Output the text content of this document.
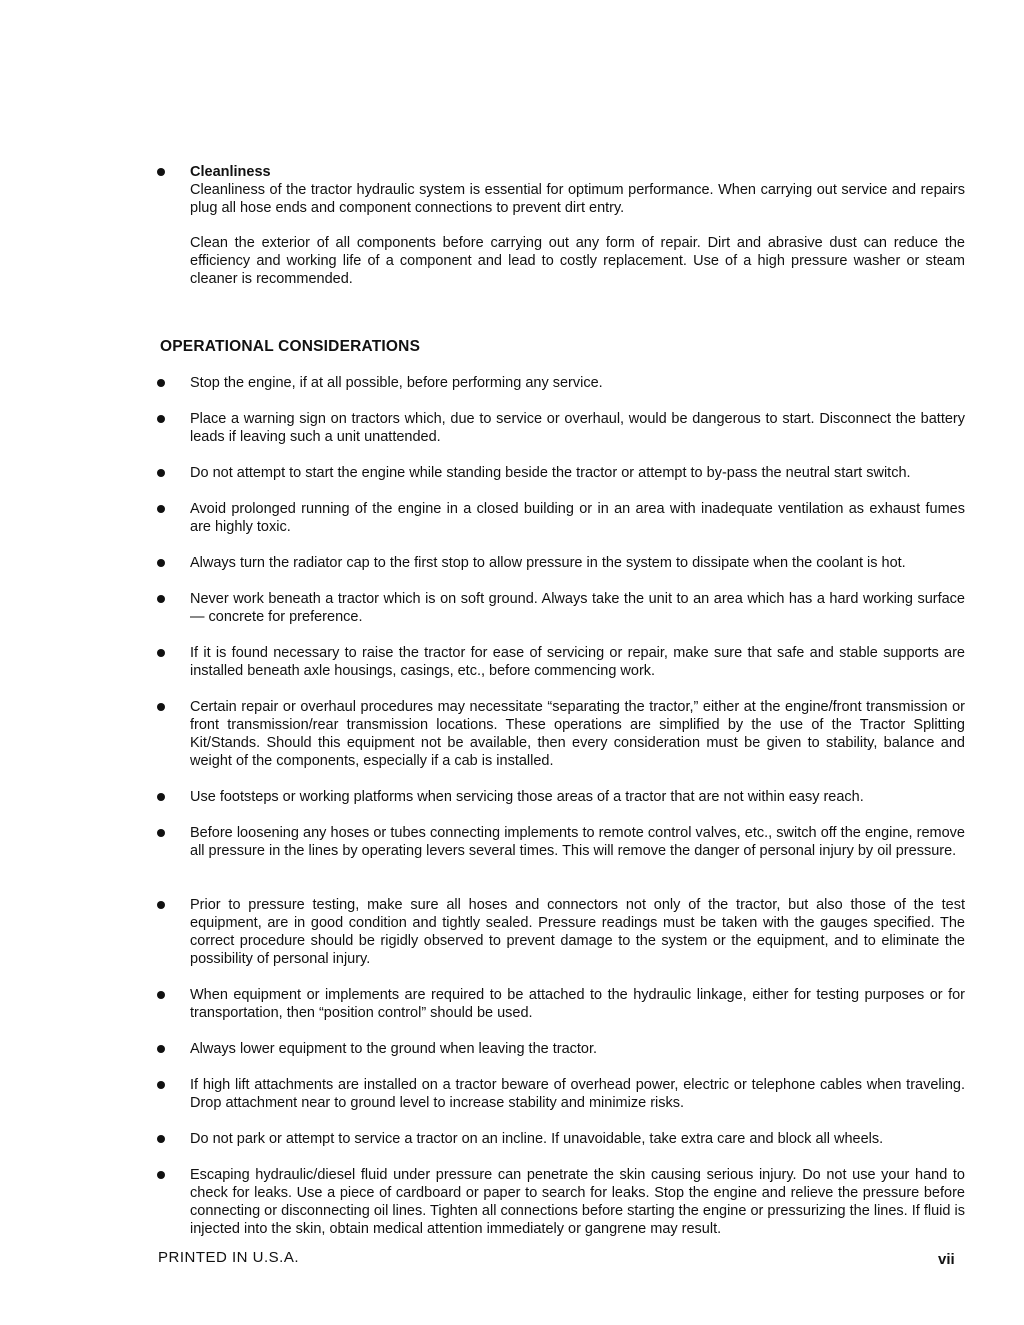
Cleanliness
Cleanliness of the tractor hydraulic system is essential for optimum performance. When carrying out service and repairs plug all hose ends and component connections to prevent dirt entry.
Clean the exterior of all components before carrying out any form of repair. Dirt and abrasive dust can reduce the efficiency and working life of a component and lead to costly replacement. Use of a high pressure washer or steam cleaner is recommended.
OPERATIONAL CONSIDERATIONS
Stop the engine, if at all possible, before performing any service.
Place a warning sign on tractors which, due to service or overhaul, would be dangerous to start. Disconnect the battery leads if leaving such a unit unattended.
Do not attempt to start the engine while standing beside the tractor or attempt to by-pass the neutral start switch.
Avoid prolonged running of the engine in a closed building or in an area with inadequate ventilation as exhaust fumes are highly toxic.
Always turn the radiator cap to the first stop to allow pressure in the system to dissipate when the coolant is hot.
Never work beneath a tractor which is on soft ground. Always take the unit to an area which has a hard working surface — concrete for preference.
If it is found necessary to raise the tractor for ease of servicing or repair, make sure that safe and stable supports are installed beneath axle housings, casings, etc., before commencing work.
Certain repair or overhaul procedures may necessitate “separating the tractor,” either at the engine/front transmission or front transmission/rear transmission locations. These operations are simplified by the use of the Tractor Splitting Kit/Stands. Should this equipment not be available, then every consideration must be given to stability, balance and weight of the components, especially if a cab is installed.
Use footsteps or working platforms when servicing those areas of a tractor that are not within easy reach.
Before loosening any hoses or tubes connecting implements to remote control valves, etc., switch off the engine, remove all pressure in the lines by operating levers several times. This will remove the danger of personal injury by oil pressure.
Prior to pressure testing, make sure all hoses and connectors not only of the tractor, but also those of the test equipment, are in good condition and tightly sealed. Pressure readings must be taken with the gauges specified. The correct procedure should be rigidly observed to prevent damage to the system or the equipment, and to eliminate the possibility of personal injury.
When equipment or implements are required to be attached to the hydraulic linkage, either for testing purposes or for transportation, then “position control” should be used.
Always lower equipment to the ground when leaving the tractor.
If high lift attachments are installed on a tractor beware of overhead power, electric or telephone cables when traveling. Drop attachment near to ground level to increase stability and minimize risks.
Do not park or attempt to service a tractor on an incline. If unavoidable, take extra care and block all wheels.
Escaping hydraulic/diesel fluid under pressure can penetrate the skin causing serious injury. Do not use your hand to check for leaks. Use a piece of cardboard or paper to search for leaks. Stop the engine and relieve the pressure before connecting or disconnecting oil lines. Tighten all connections before starting the engine or pressurizing the lines. If fluid is injected into the skin, obtain medical attention immediately or gangrene may result.
PRINTED IN U.S.A.	vii
